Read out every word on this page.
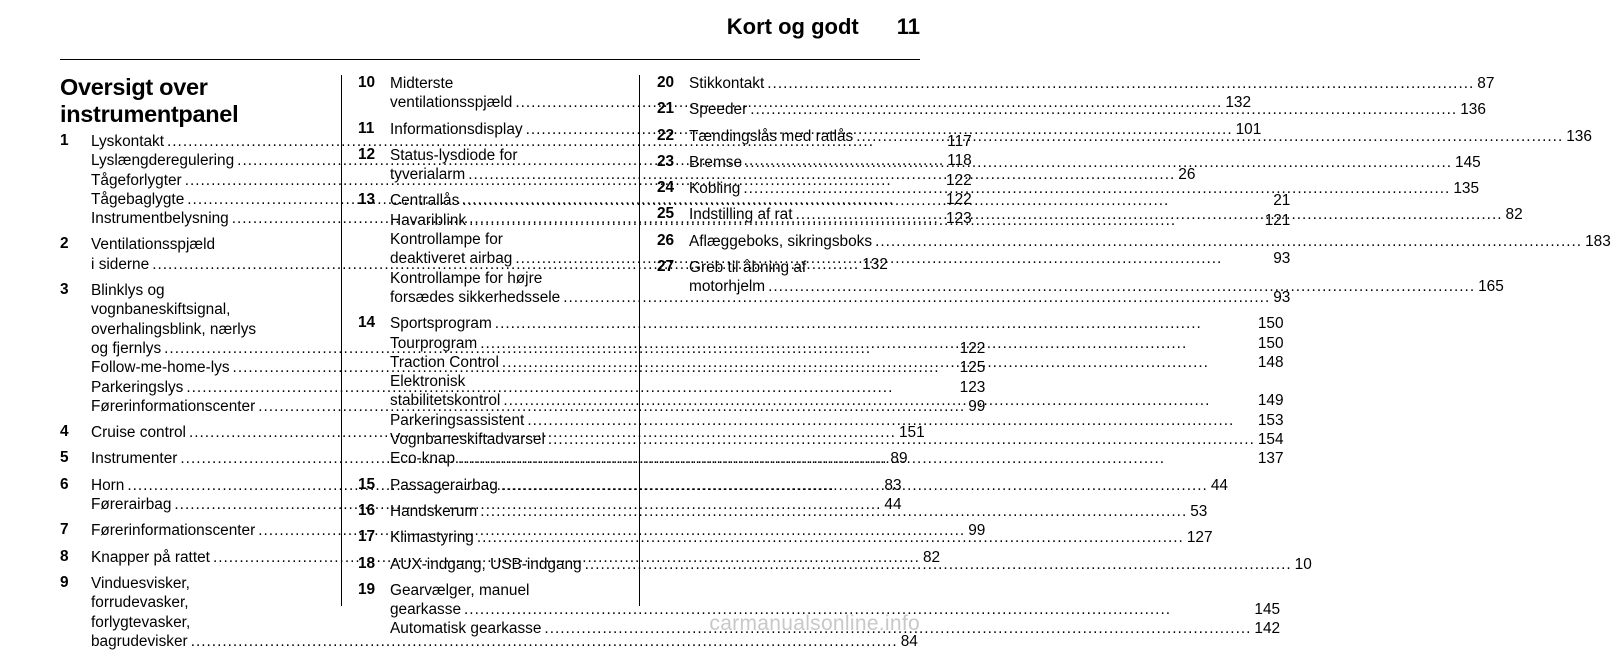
Kort og godt 11
Oversigt over
instrumentpanel
1	Lyskontakt .....	117
Lyslængderegulering .....	118
Tågeforlygter .....	122
Tågebaglygte .....	122
Instrumentbelysning .....	123
2	Ventilationsspjæld
i siderne .....	132
3	Blinklys og
vognbaneskiftsignal,
overhalingsblink, nærlys
og fjernlys .....	122
Follow-me-home-lys .....	125
Parkeringslys .....	123
Førerinformationscenter .....	99
4	Cruise control .....	151
5	Instrumenter .....	89
6	Horn .....	83
Førerairbag .....	44
7	Førerinformationscenter .....	99
8	Knapper på rattet .....	82
9	Vinduesvisker,
forrudevasker,
forlygtevasker,
bagrudevisker .....	84
10 Midterste
ventilationsspjæld .....	132
11	Informationsdisplay .....	101
12 Status-lysdiode for
tyverialarm .....	26
13 Centrallås .....	21
Havariblink .....	121
Kontrollampe for
deaktiveret airbag .....	93
Kontrollampe for højre
forsædes sikkerhedssele .....	93
14 Sportsprogram .....	150
Tourprogram .....	150
Traction Control .....	148
Elektronisk
stabilitetskontrol .....	149
Parkeringsassistent .....	153
Vognbaneskiftadvarsel .....	154
Eco-knap .....	137
15 Passagerairbag .....	44
16 Handskerum .....	53
17 Klimastyring .....	127
18 AUX-indgang, USB-indgang .....	10
19 Gearvælger, manuel
gearkasse .....	145
Automatisk gearkasse .....	142
20 Stikkontakt .....	87
21 Speeder .....	136
22 Tændingslås med ratlås .....	136
23 Bremse .....	145
24 Kobling .....	135
25 Indstilling af rat .....	82
26 Aflæggeboks, sikringsboks .....	183
27 Greb til åbning af
motorhjelm .....	165
carmanualsonline.info
